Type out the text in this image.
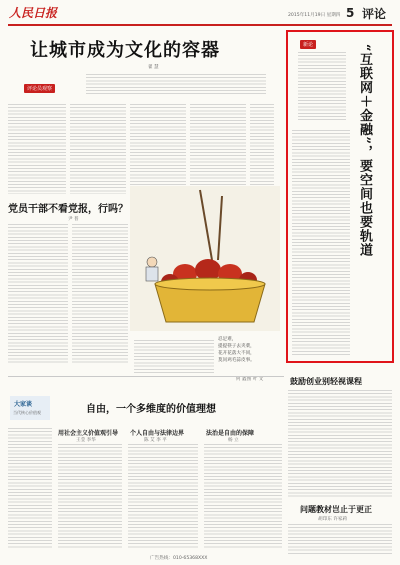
人民日报	2015年11月19日 星期四 5 评论
让城市成为文化的容器
翟 慧
评论员观察
党员干部不看党报，行吗？
尹 普
何 鑫图 叶 文
忍足难，
提提筷子去夹菜，
花开花落大不同，
莫问鸡毛蒜皮事。
新论	“互联网＋金融”，要空间也要轨道
鼓励创业别轻视课程
大家谈
当代核心价值观	自由，一个多维度的价值理想
用社会主义价值观引导
王莹 李华
个人自由与法律边界
陈 艾 李 平
法治是自由的保障
杨 立
问题教材岂止于更正
胡印东 许家莉
广告热线：010-65368XXX
